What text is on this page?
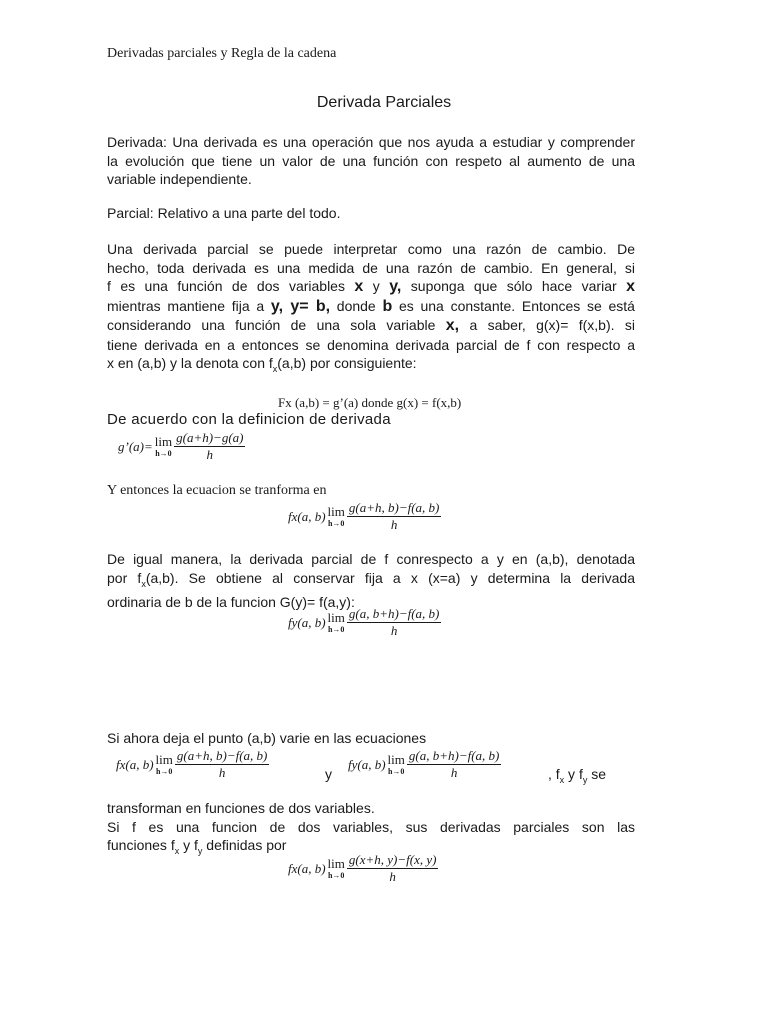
Derivadas parciales y Regla de la cadena
Derivada Parciales
Derivada: Una derivada es una operación que nos ayuda a estudiar y comprender
la evolución que tiene un valor de una función con respeto al aumento de una
variable independiente.
Parcial: Relativo a una parte del todo.
Una derivada parcial se puede interpretar como una razón de cambio. De
hecho, toda derivada es una medida de una razón de cambio. En general, si
f es una función de dos variables x y y, suponga que sólo hace variar x
mientras mantiene fija a y, y= b, donde b es una constante. Entonces se está
considerando una función de una sola variable x, a saber, g(x)= f(x,b). si
tiene derivada en a entonces se denomina derivada parcial de f con respecto a
x en (a,b) y la denota con $f_x(a,b)$ por consiguiente:
Fx (a,b) = g’(a) donde g(x) = f(x,b)
De acuerdo con la definicion de derivada
g’(a)= lim
$h\to 0 \frac{g(a+h)-g(a)}{h}$
Y entonces la ecuacion se tranforma en
fx(a, b) lim
$h\to 0 \frac{g(a+h, b)-f(a, b)}{h}$
De igual manera, la derivada parcial de f conrespecto a y en (a,b), denotada
por $f_x(a,b)$. Se obtiene al conservar fija a x (x=a) y determina la derivada
ordinaria de b de la funcion G(y)= f(a,y):
fy(a, b) lim
$h\to 0 \frac{g(a, b+h)-f(a, b)}{h}$
Si ahora deja el punto (a,b) varie en las ecuaciones
fx(a, b) lim
$h\to 0 \frac{g(a+h, b)-f(a, b)}{h}$	y
fy(a, b) lim
$h\to 0 \frac{g(a, b+h)-f(a, b)}{h}$	, $f_x$ y $f_y$ se
transforman en funciones de dos variables.
Si f es una funcion de dos variables, sus derivadas parciales son las
funciones $f_x$ y $f_y$ definidas por
fx(a, b) lim
$h\to 0 \frac{g(x+h, y)-f(x, y)}{h}$
